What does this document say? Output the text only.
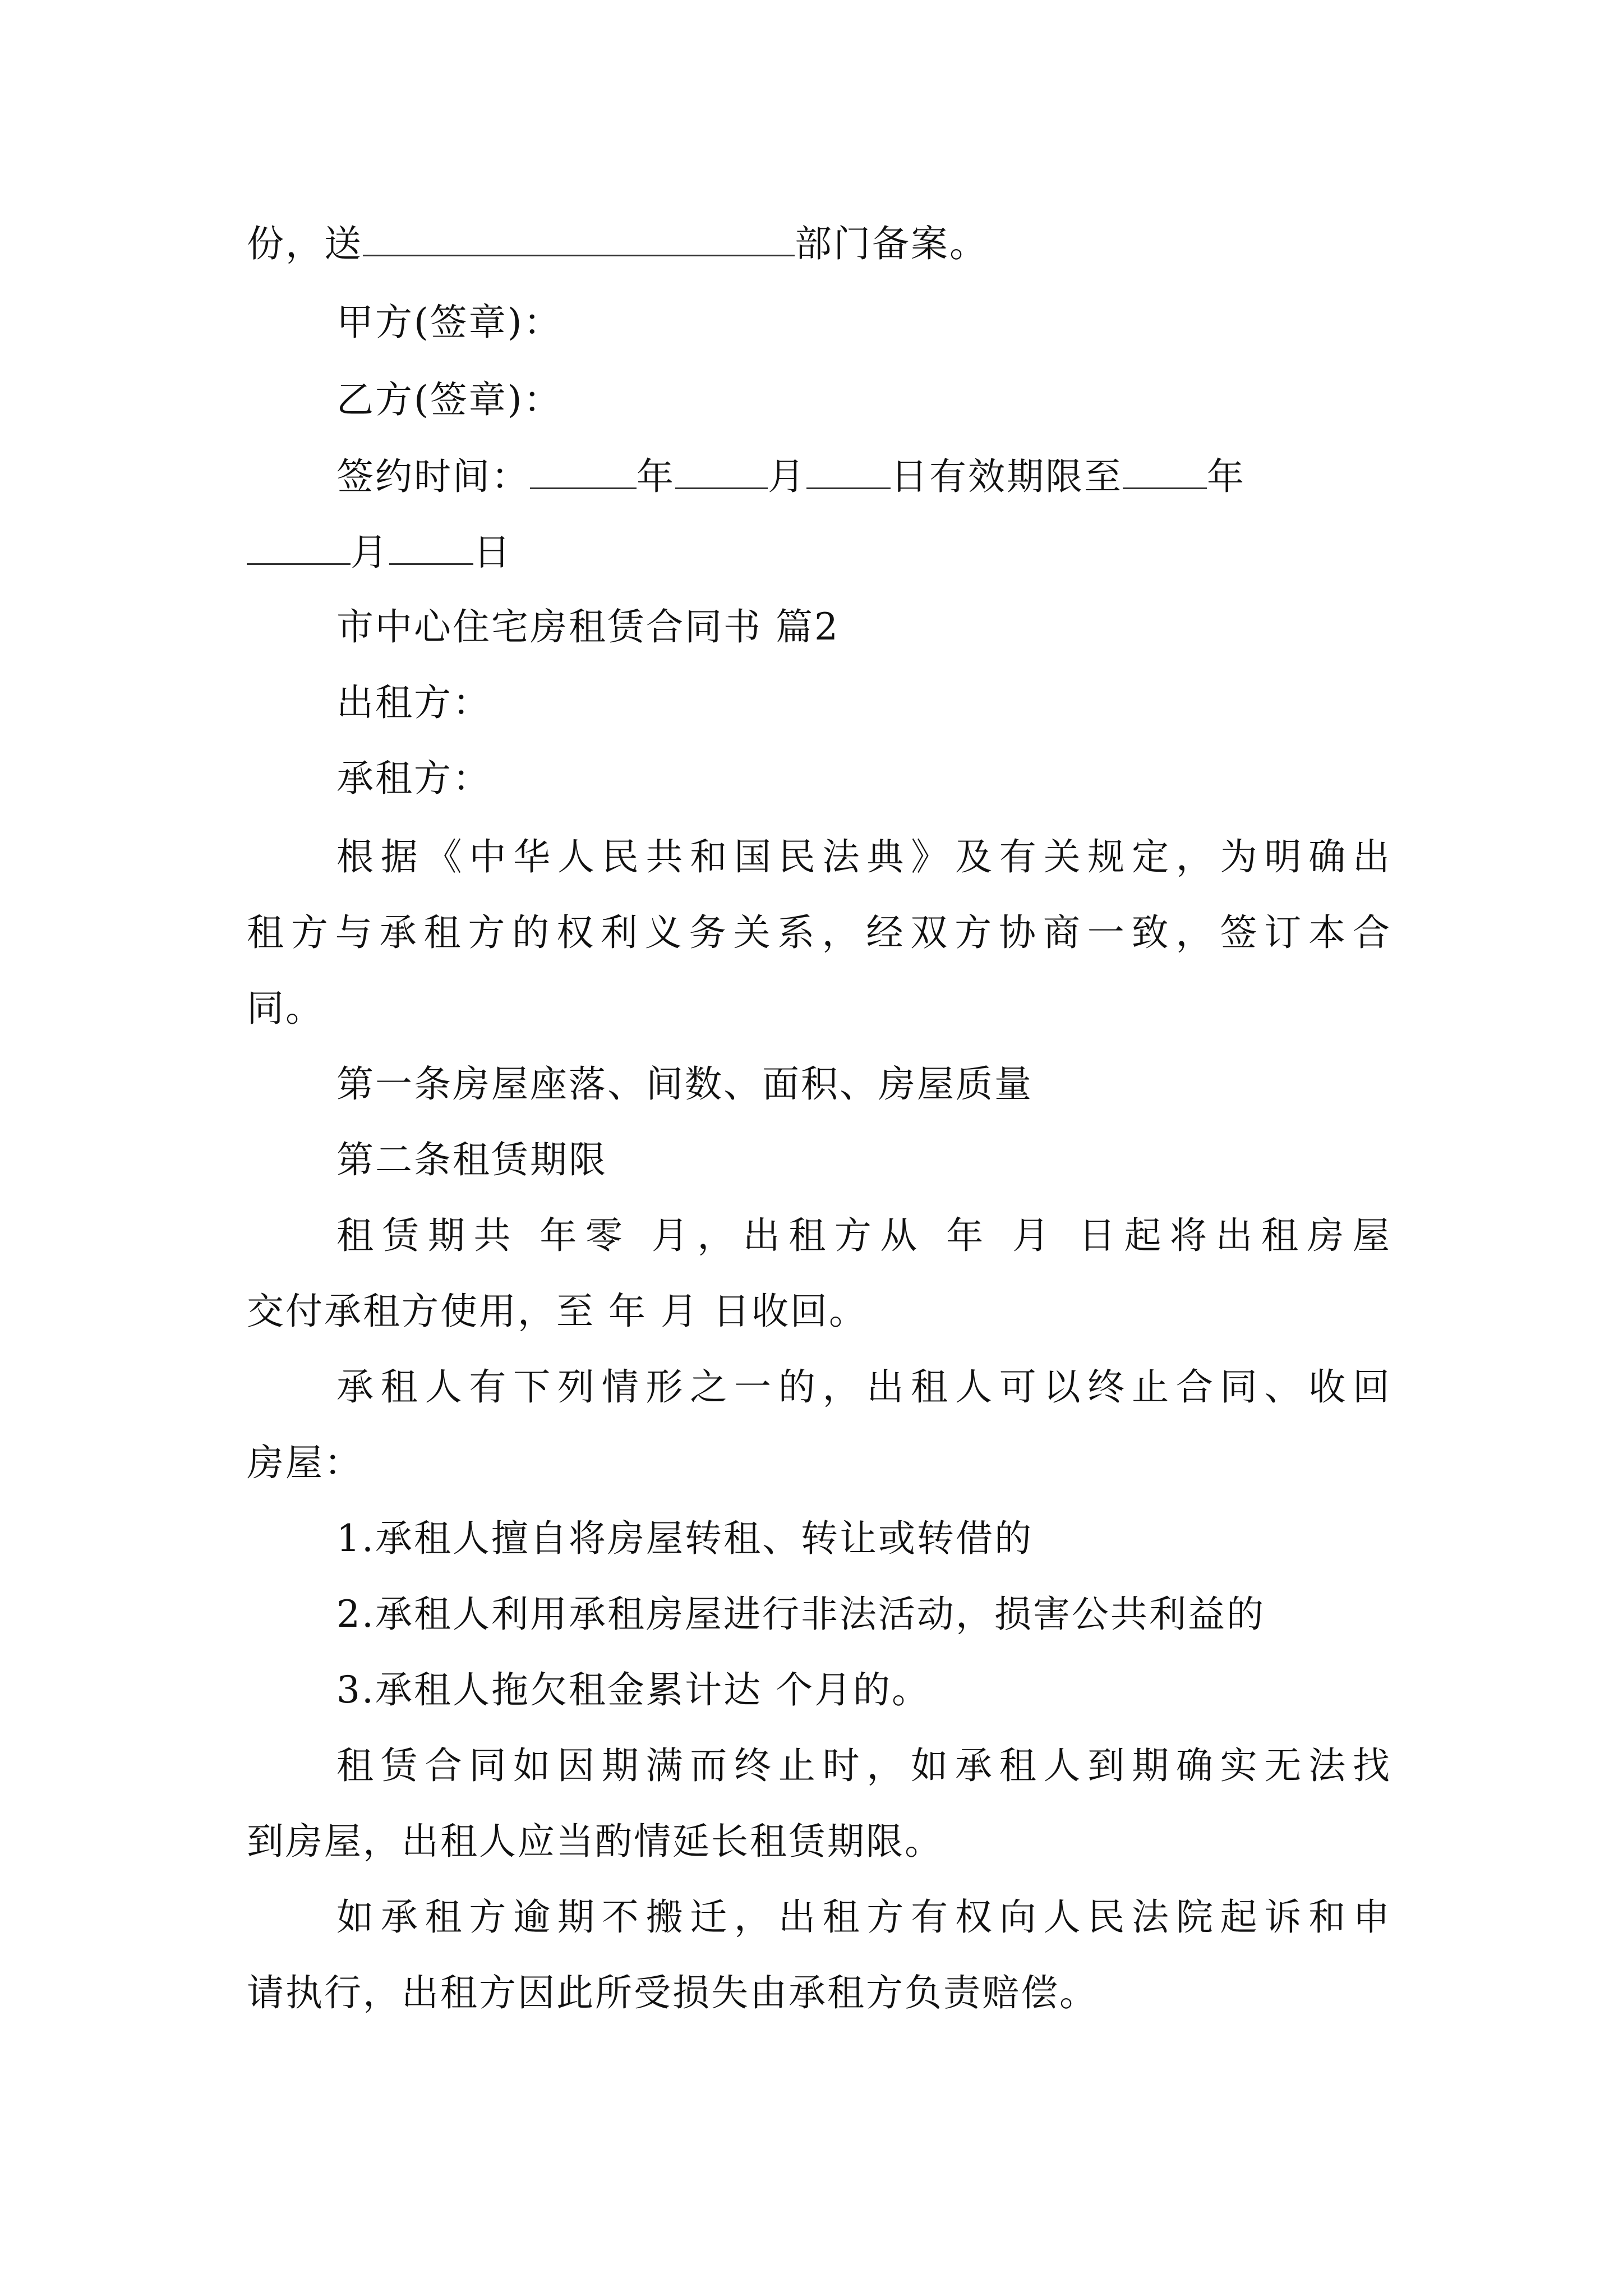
份，送	部门备案。
甲方(签章)：
乙方(签章)：
签约时间：	年	月 日有效期限至 年
月 日
市中心住宅房租赁合同书 篇2
出租方：
承租方：
根据《中华人民共和国民法典》及有关规定，为明确出
租方与承租方的权利义务关系，经双方协商一致，签订本合
同。
第一条房屋座落、间数、面积、房屋质量
第二条租赁期限
租赁期共 年零 月，出租方从 年 月 日起将出租房屋
交付承租方使用，至 年 月 日收回。
承租人有下列情形之一的，出租人可以终止合同、收回
房屋：
1.承租人擅自将房屋转租、转让或转借的
2.承租人利用承租房屋进行非法活动，损害公共利益的
3.承租人拖欠租金累计达 个月的。
租赁合同如因期满而终止时，如承租人到期确实无法找
到房屋，出租人应当酌情延长租赁期限。
如承租方逾期不搬迁，出租方有权向人民法院起诉和申
请执行，出租方因此所受损失由承租方负责赔偿。
